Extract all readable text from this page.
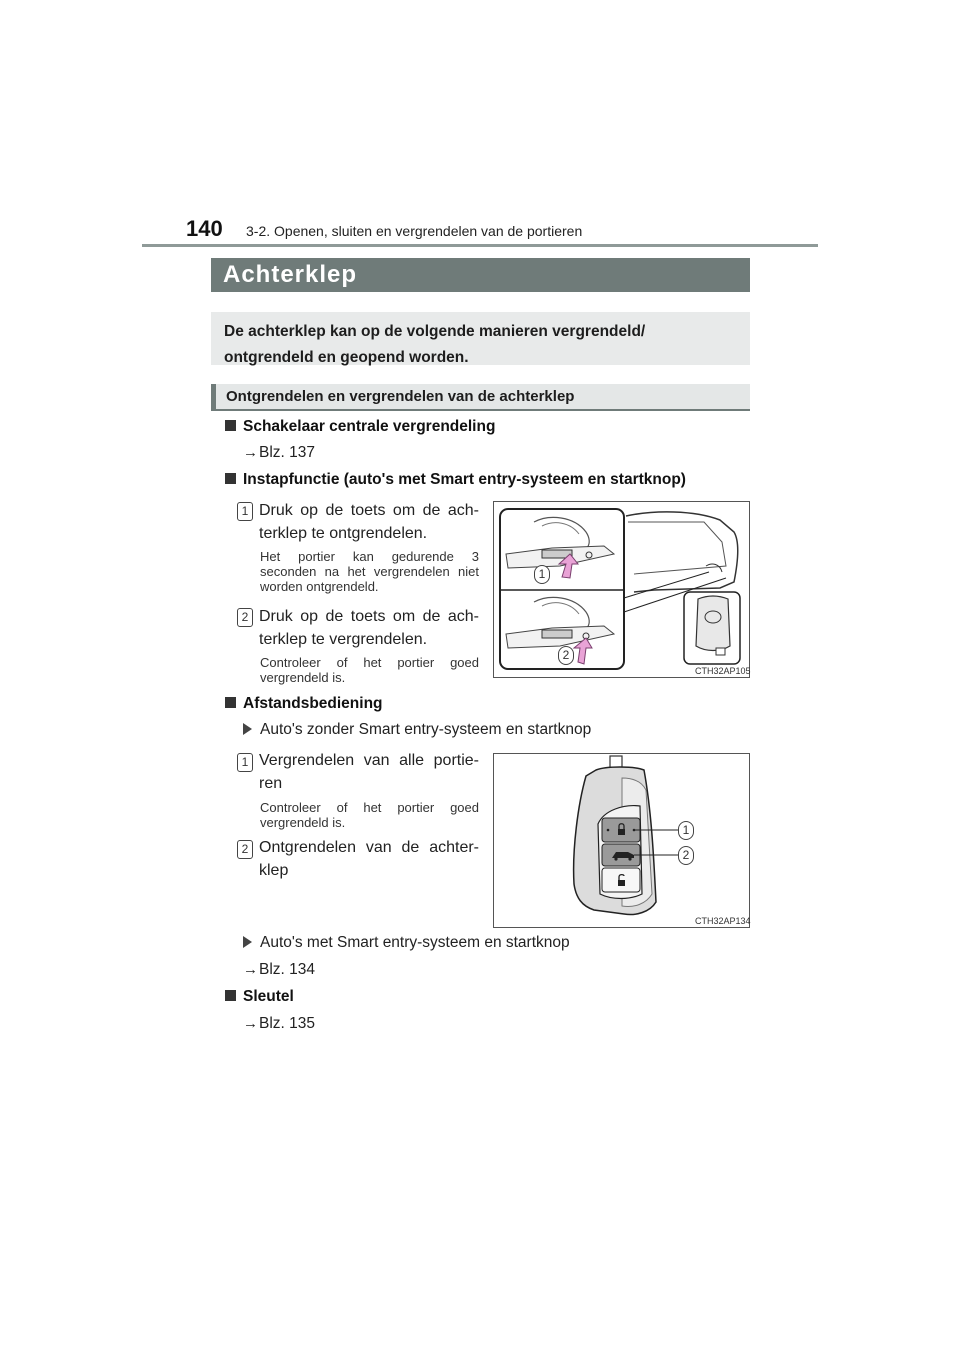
140 3-2. Openen, sluiten en vergrendelen van de portieren
Achterklep
De achterklep kan op de volgende manieren vergrendeld/ ontgrendeld en geopend worden.
Ontgrendelen en vergrendelen van de achterklep
Schakelaar centrale vergrendeling
→Blz. 137
Instapfunctie (auto's met Smart entry-systeem en startknop)
1 Druk op de toets om de ach- terklep te ontgrendelen.
Het portier kan gedurende 3 seconden na het vergrendelen niet worden ontgrendeld.
2 Druk op de toets om de ach- terklep te vergrendelen.
Controleer of het portier goed vergrendeld is.
1
2
CTH32AP105
Afstandsbediening
Auto's zonder Smart entry-systeem en startknop
1 Vergrendelen van alle portie- ren
Controleer of het portier goed vergrendeld is.
2 Ontgrendelen van de achter- klep
1
2
CTH32AP134
Auto's met Smart entry-systeem en startknop
→Blz. 134
Sleutel
→Blz. 135
